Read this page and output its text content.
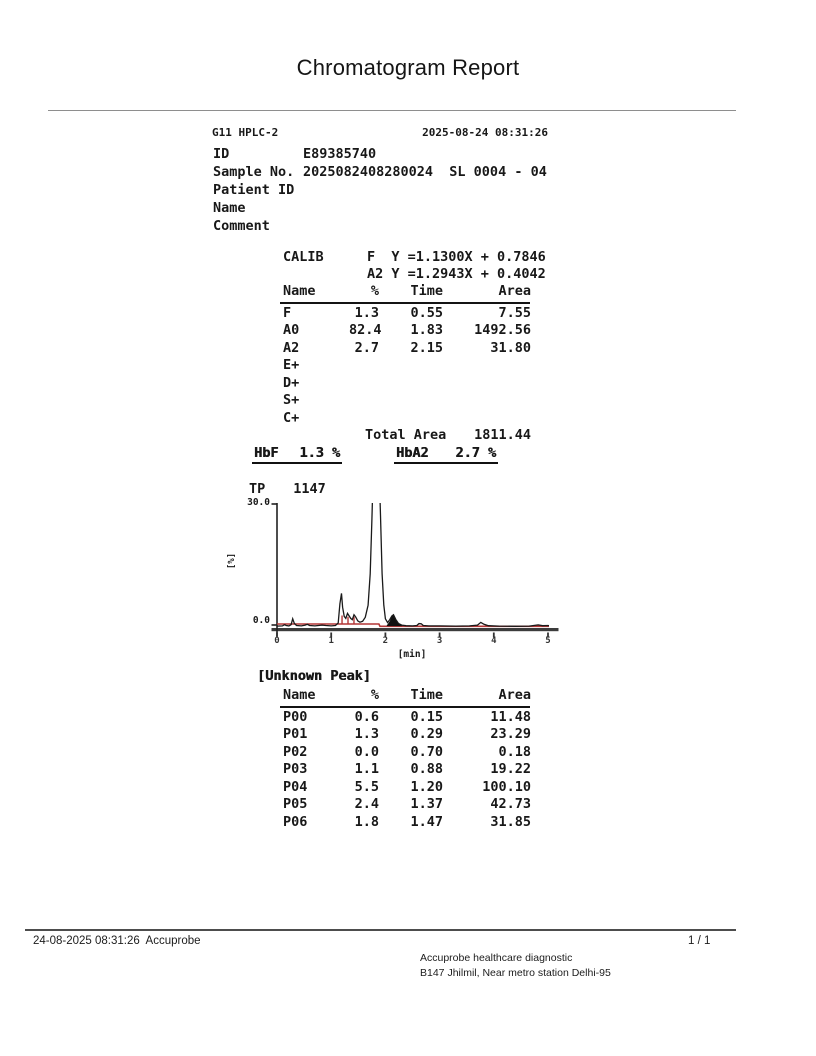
Chromatogram Report
G11 HPLC-2	2025-08-24 08:31:26
ID	E89385740
Sample No. 2025082408280024  SL 0004 - 04
Patient ID
Name
Comment
CALIB	F  Y =1.1300X + 0.7846
A2 Y =1.2943X + 0.4042
Name	%	Time	Area
F	1.3	0.55	7.55
A0	82.4	1.83	1492.56
A2	2.7	2.15	31.80
E+
D+
S+
C+
Total Area 1811.44
HbF 1.3 %	HbA2 2.7 %
TP 1147
30.0
0.0
[%]
0	1	2	3	4	5
[min]
[Unknown Peak]
Name	%	Time	Area
P00	0.6	0.15	11.48
P01	1.3	0.29	23.29
P02	0.0	0.70	0.18
P03	1.1	0.88	19.22
P04	5.5	1.20	100.10
P05	2.4	1.37	42.73
P06	1.8	1.47	31.85
24-08-2025 08:31:26  Accuprobe	1 / 1
Accuprobe healthcare diagnostic
B147 Jhilmil, Near metro station Delhi-95
